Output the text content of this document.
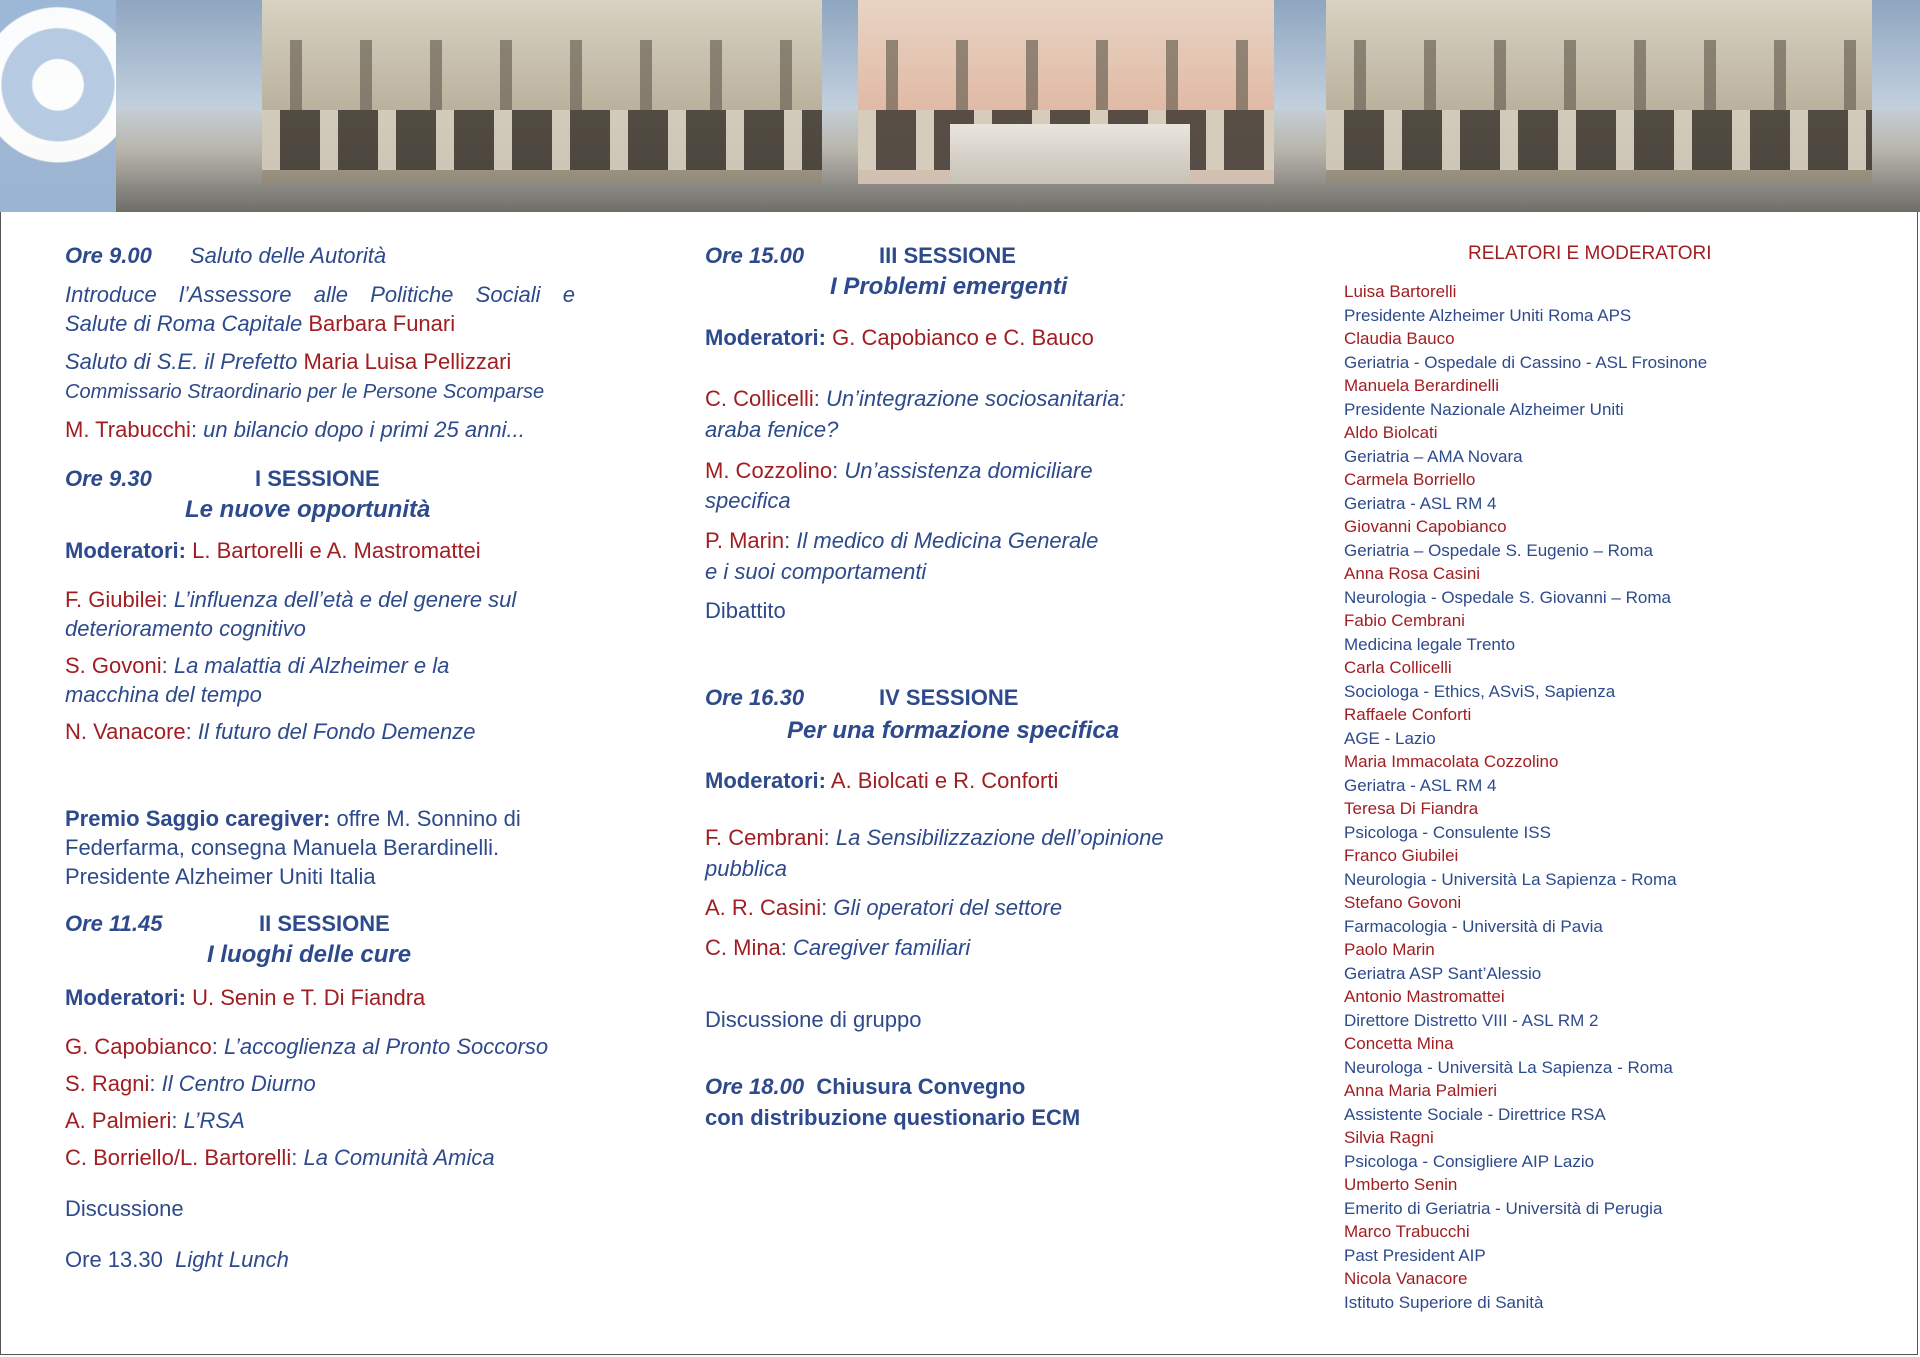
Ore 9.00 Saluto delle Autorità
Introduce l’Assessore alle Politiche Sociali e
Salute di Roma Capitale Barbara Funari
Saluto di S.E. il Prefetto Maria Luisa Pellizzari
Commissario Straordinario per le Persone Scomparse
M. Trabucchi: un bilancio dopo i primi 25 anni...
Ore 9.30	I SESSIONE
Le nuove opportunità
Moderatori: L. Bartorelli e A. Mastromattei
F. Giubilei: L’influenza dell’età e del genere sul
deterioramento cognitivo
S. Govoni: La malattia di Alzheimer e la
macchina del tempo
N. Vanacore: Il futuro del Fondo Demenze
Premio Saggio caregiver: offre M. Sonnino di
Federfarma, consegna Manuela Berardinelli.
Presidente Alzheimer Uniti Italia
Ore 11.45	II SESSIONE
I luoghi delle cure
Moderatori: U. Senin e T. Di Fiandra
G. Capobianco: L’accoglienza al Pronto Soccorso
S. Ragni: Il Centro Diurno
A. Palmieri: L’RSA
C. Borriello/L. Bartorelli: La Comunità Amica
Discussione
Ore 13.30 Light Lunch
Ore 15.00	III SESSIONE
I Problemi emergenti
Moderatori: G. Capobianco e C. Bauco
C. Collicelli: Un’integrazione sociosanitaria:
araba fenice?
M. Cozzolino: Un’assistenza domiciliare
specifica
P. Marin: Il medico di Medicina Generale
e i suoi comportamenti
Dibattito
Ore 16.30	IV SESSIONE
Per una formazione specifica
Moderatori: A. Biolcati e R. Conforti
F. Cembrani: La Sensibilizzazione dell’opinione
pubblica
A. R. Casini: Gli operatori del settore
C. Mina: Caregiver familiari
Discussione di gruppo
Ore 18.00 Chiusura Convegno
con distribuzione questionario ECM
RELATORI E MODERATORI
Luisa Bartorelli
Presidente Alzheimer Uniti Roma APS
Claudia Bauco
Geriatria - Ospedale di Cassino - ASL Frosinone
Manuela Berardinelli
Presidente Nazionale Alzheimer Uniti
Aldo Biolcati
Geriatria – AMA Novara
Carmela Borriello
Geriatra - ASL RM 4
Giovanni Capobianco
Geriatria – Ospedale S. Eugenio – Roma
Anna Rosa Casini
Neurologia - Ospedale S. Giovanni – Roma
Fabio Cembrani
Medicina legale Trento
Carla Collicelli
Sociologa - Ethics, ASviS, Sapienza
Raffaele Conforti
AGE - Lazio
Maria Immacolata Cozzolino
Geriatra - ASL RM 4
Teresa Di Fiandra
Psicologa - Consulente ISS
Franco Giubilei
Neurologia - Università La Sapienza - Roma
Stefano Govoni
Farmacologia - Università di Pavia
Paolo Marin
Geriatra ASP Sant’Alessio
Antonio Mastromattei
Direttore Distretto VIII - ASL RM 2
Concetta Mina
Neurologa - Università La Sapienza - Roma
Anna Maria Palmieri
Assistente Sociale - Direttrice RSA
Silvia Ragni
Psicologa - Consigliere AIP Lazio
Umberto Senin
Emerito di Geriatria - Università di Perugia
Marco Trabucchi
Past President AIP
Nicola Vanacore
Istituto Superiore di Sanità
